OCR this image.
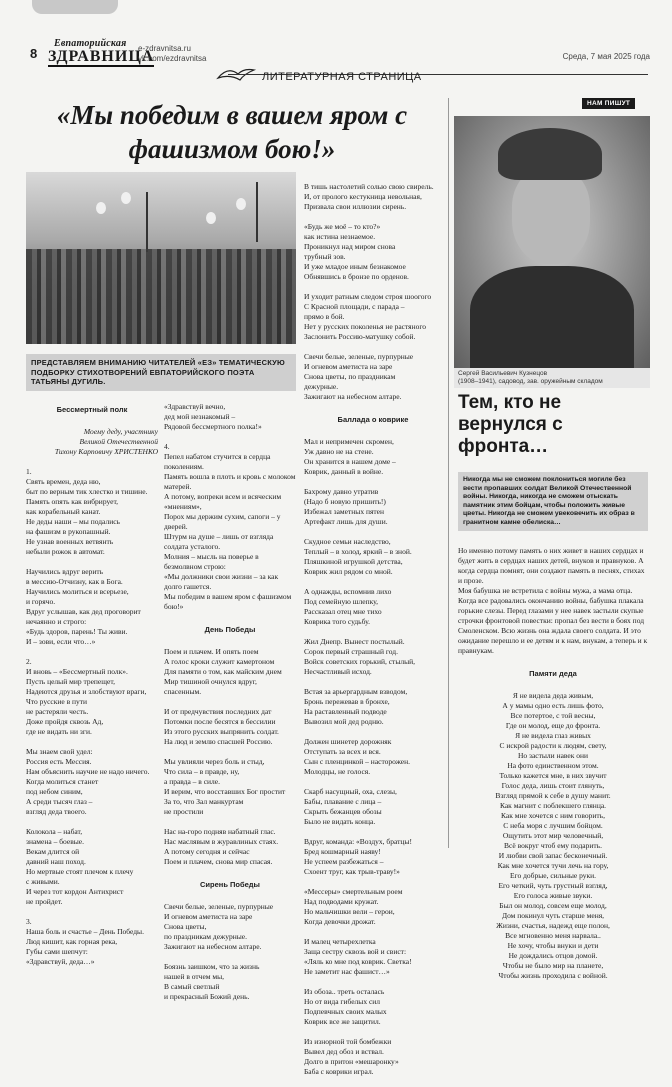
8
Евпаторийская
ЗДРАВНИЦА
e-zdravnitsa.ru
vk.com/ezdravnitsa	Среда, 7 мая 2025 года
ЛИТЕРАТУРНАЯ СТРАНИЦА
«Мы победим в вашем яром с фашизмом бою!»
ПРЕДСТАВЛЯЕМ ВНИМАНИЮ ЧИТАТЕЛЕЙ «ЕЗ» ТЕМАТИЧЕСКУЮ ПОДБОРКУ СТИХОТВОРЕНИЙ ЕВПАТОРИЙСКОГО ПОЭТА ТАТЬЯНЫ ДУГИЛЬ.

Бессмертный полк

Моему деду, участнику
Великой Отечественной
Тихону Карповичу ХРИСТЕНКО

1.
Свять времен, деда ню,
быт по верным тик хлестко и тишине.
Память опять как вибрирует,
как корабельный канат.
Не деды наши – мы подались
на фашизм в рукопашный.
Не узнав военных ветвянть
небыли рожок в автомат.

Научились вдруг верить
в мессию-Отчизну, как в Бога.
Научились молиться и всерьезе,
и горячо.
Вдруг услышав, как дед проговорит
нечаянно и строго:
«Будь здоров, парень! Ты живи.
И – зови, если что…»

2.
И вновь – «Бессмертный полк».
Пусть целый мир трепещет,
Надеются друзья и злобствуют враги,
Что русские в пути
не растеряли честь.
Доже пройдя сквозь Ад,
где не видать ни зги.

Мы знаем свой удел:
Россия есть Мессия.
Нам объяснить научие не надо ничего.
Когда молиться станет
под небом синим,
А среди тысяч глаз –
взгляд деда твоего.

Колокола – набат,
знамена – боевые.
Векам длится ой
давний наш поход.
Но мертвые стоят плечом к плечу
с живыми.
И через тот кордон Антихрист
не пройдет.

3.
Наша боль и счастье – День Победы.
Люд кишит, как горная река,
Губы сами шепчут:
«Здравствуй, деда…»

«Здравствуй вечно,
дед мой незнакомый –
Рядовой бессмертного полка!»

4.
Пепел набатом стучится в сердца поколениям.
Память вошла в плоть и кровь с молоком матерей.
А потому, вопреки всем и всяческим «мнениям»,
Порох мы держим сухим, сапоги – у дверей.
Штурм на душе – лишь от взгляда солдата усталого.
Молния – мысль на поверье в безмолвном строю:
«Мы должники свои жизни – за как долго гашется.
Мы победим в вашем яром с фашизмом бою!»

День Победы

Поем и плачем. И опять поем
А голос кроки служит камертоном
Для памяти о том, как майским днем
Мир тишиной очнулся вдруг,
спасенным.

И от предчувствия последних дат
Потомки после бесятся в бессилии
Из этого русских выпрянить солдат.
На люд и землю спасшей Россию.

Мы увлияли через боль и стыд,
Что сила – в правде, ну,
а правда – в силе.
И верим, что восставших Бог простит
За то, что Зал манкуртам
не простили

Нас на-горо подняв набатный глас.
Нас маслявым в журавлиных стаях.
А потому сегодня и сейчас
Поем и плачем, снова мир спасая.

Сирень Победы

Свечи белые, зеленые, пурпурные
И огневом аметиста на заре
Снова цветы,
по праздникам дежурные.
Зажигают на небесном алтаре.

Боязнь заишком, что за жизнь
нашей в отчем мы,
В самый светлый
и прекрасный Божий день.

В тишь настолетий солью свою свирель.
И, от пролого кестукница невольная,
Призвала свои иллюзии сирень.

«Будь же моё – то кто?»
как истина незнаемое.
Проникнул над миром снова
трубный зов.
И уже младое иным безнакомое
Обнявшись в бронзе по орденов.

И уходит ратным следом строя шоогого
С Красной площади, с парада –
прямо в бой.
Нет у русских поколенья не растяного
Заслонить Россию-матушку собой.

Свечи белые, зеленые, пурпурные
И огневом аметиста на заре
Снова цветы, по праздникам
дежурные.
Зажигают на небесном алтаре.

Баллада о коврике

Мал и непримечен скромен,
Уж давно не на стене.
Он хранится в нашем доме –
Коврик, данный в войне.

Бахрому давно утратив
(Надо б новую пришить!)
Избежал заметных пятен
Артефакт лишь для души.

Скудное семьи наследство,
Теплый – в холод, яркий – в зной.
Пляшкиной игрушкой детства,
Коврик жил рядом со мной.

А однажды, вспомнив лихо
Под семейную шлепку,
Рассказал отец мне тихо
Коврика того судьбу.

Жил Днепр. Вынест постылый.
Сорок первый страшный год.
Войск советских горький, стылый,
Несчастливый исход.

Встая за арьергардным взводом,
Бронь пережевав в бронхе,
На раставленный подводе
Вывозил мой дед родню.

Должен шинетер дорожняк
Отступать за всех и вся.
Сын с пленцинкой – насторожен.
Молодцы, не голося.

Скарб насущный, оха, слезы,
Бабы, плавание с лица –
Скрыть бежанцев обозы
Было не видать конца.

Вдруг, команда: «Воздух, братцы!
Бред кошмарный наяву!
Не успеем разбежаться –
Схоент труг, как трыв-траву!»

«Мессеры» смертельным роем
Над подводами кружат.
Но мальчишки вели – герои,
Когда девочки дрожат.

И малец четырехлетка
Заща сестру сквозь вой и свист:
«Ляль ко мне под коврик. Светка!
Не заметит нас фашист…»

Из обоза.. треть осталась
Но от вида гибелых сил
Подпевчных своих малых
Коврик все же защитил.

Из изнорной той бомбежки
Вывел дед обоз и вствал.
Долго в притон «мешаронку»
Баба с коврики играл.

НАМ ПИШУТ
Сергей Васильевич Кузнецов
(1908–1941), садовод, зав. оружейным складом
Тем, кто не вернулся с фронта…
Никогда мы не сможем поклониться могиле без вести пропавших солдат Великой Отечественной войны. Никогда, никогда не сможем отыскать памятник этим бойцам, чтобы положить живые цветы. Никогда не сможем увековечить их образ в гранитном камне обелиска…

Но именно потому память о них живет в наших сердцах и будет жить в сердцах наших детей, внуков и правнуков. А когда сердца помнят, они создают память в песнях, стихах и прозе.
Моя бабушка не встретила с войны мужа, а мама отца. Когда все радовались окончанию войны, бабушка плакала горькие слезы. Перед глазами у нее навек застыли скупые строчки фронтовой повестки: пропал без вести в боях под Смоленском. Всю жизнь она ждала своего солдата. И это ожидание перешло и ее детям и к нам, внукам, а теперь и к правнукам.

Памяти деда

Я не видела деда живым,
А у мамы одно есть лишь фото,
Все потертое, с той весны,
Где он молод, еще до фронта.
Я не видела глаз живых
С искрой радости к людям, свету,
Но застыли навек они
На фото единственном этом.
Только кажется мне, в них звучит
Голос деда, лишь стоит глянуть,
Взгляд прямой к себе в душу манит.
Как магнит с поблекшего глянца.
Как мне хочется с ним говорить,
С неба моря с лучшим бойцом.
Ощутить этот мир человечный,
Всё вокруг чтоб ему подарить.
И любви свой запас бесконечный.
Как мне хочется тучи лечь на гору,
Его добрые, сильные руки.
Его четкий, чуть грустный взгляд,
Его голоса живые звуки.
Был он молод, совсем еще молод,
Дом покинул чуть старше меня,
Жизни, счастья, надежд еще полон,
Все мгновенно меня нарвала..
Не хочу, чтобы внуки и дети
Не дождались отцов домой.
Чтобы не было мир на планете,
Чтобы жизнь проходила с войной.
